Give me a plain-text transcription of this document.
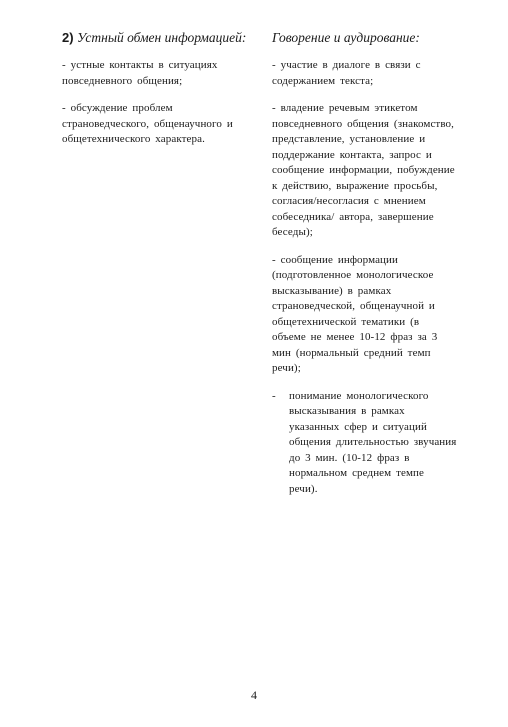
2) Устный обмен информацией:

- устные контакты в ситуациях повседневного общения;

- обсуждение проблем страноведческого, общенаучного и общетехнического характера.

Говорение и аудирование:

- участие в диалоге в связи с содержанием текста;

- владение речевым этикетом повседневного общения (знакомство, представление, установление и поддержание контакта, запрос и сообщение информации, побуждение к действию, выражение просьбы, согласия/несогласия с мнением собеседника/ автора, завершение беседы);

- сообщение информации (подготовленное монологическое высказывание) в рамках страноведческой, общенаучной и общетехнической тематики (в объеме не менее 10-12 фраз за 3 мин (нормальный средний темп речи);

-	понимание монологического высказывания в рамках указанных сфер и ситуаций общения длительностью звучания до 3 мин. (10-12 фраз в нормальном среднем темпе речи).
4
